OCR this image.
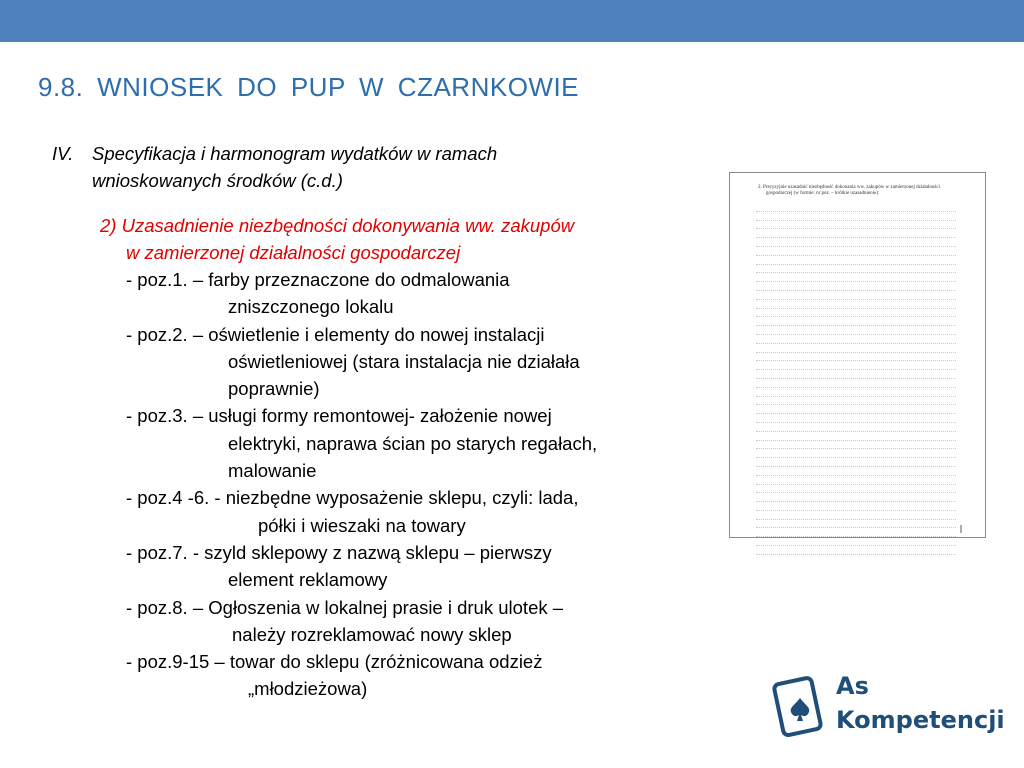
9.8. WNIOSEK DO PUP W CZARNKOWIE
IV. Specyfikacja i harmonogram wydatków w ramach
wnioskowanych środków (c.d.)
2) Uzasadnienie niezbędności dokonywania ww. zakupów
w zamierzonej działalności gospodarczej
- poz.1. – farby przeznaczone do odmalowania
zniszczonego lokalu
- poz.2. – oświetlenie i elementy do nowej instalacji
oświetleniowej (stara instalacja nie działała
poprawnie)
- poz.3. – usługi formy remontowej- założenie nowej
elektryki, naprawa ścian po starych regałach,
malowanie
- poz.4 -6. - niezbędne wyposażenie sklepu, czyli: lada,
półki i wieszaki na towary
- poz.7. - szyld sklepowy z nazwą sklepu – pierwszy
element reklamowy
- poz.8. – Ogłoszenia w lokalnej prasie i druk ulotek –
należy rozreklamować nowy sklep
- poz.9-15 – towar do sklepu (zróżnicowana odzież
„młodzieżowa)
2. Precyzyjnie uzasadnić niezbędność dokonania ww. zakupów w zamierzonej działalności
gospodarczej (w formie: nr poz. – krótkie uzasadnienie):
As
Kompetencji
